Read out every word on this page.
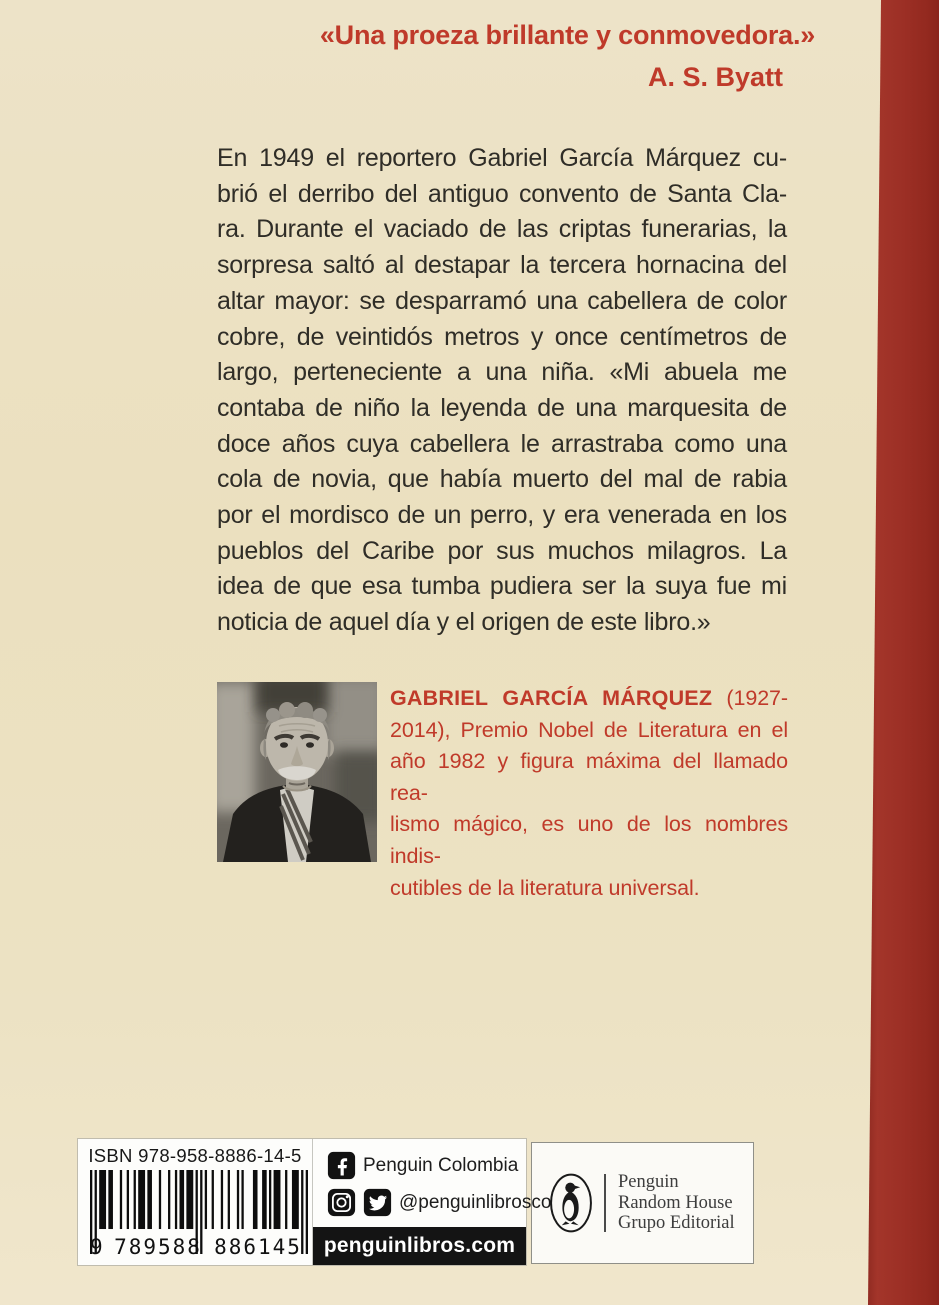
«Una proeza brillante y conmovedora.»
A. S. Byatt
En 1949 el reportero Gabriel García Márquez cu-
brió el derribo del antiguo convento de Santa Cla-
ra. Durante el vaciado de las criptas funerarias, la
sorpresa saltó al destapar la tercera hornacina del
altar mayor: se desparramó una cabellera de color
cobre, de veintidós metros y once centímetros de
largo, perteneciente a una niña. «Mi abuela me
contaba de niño la leyenda de una marquesita de
doce años cuya cabellera le arrastraba como una
cola de novia, que había muerto del mal de rabia
por el mordisco de un perro, y era venerada en los
pueblos del Caribe por sus muchos milagros. La
idea de que esa tumba pudiera ser la suya fue mi
noticia de aquel día y el origen de este libro.»
GABRIEL GARCÍA MÁRQUEZ (1927-
2014), Premio Nobel de Literatura en el
año 1982 y figura máxima del llamado rea-
lismo mágico, es uno de los nombres indis-
cutibles de la literatura universal.
ISBN 978-958-8886-14-5
9 789588 886145
Penguin Colombia
@penguinlibrosco
penguinlibros.com
Penguin
Random House
Grupo Editorial
